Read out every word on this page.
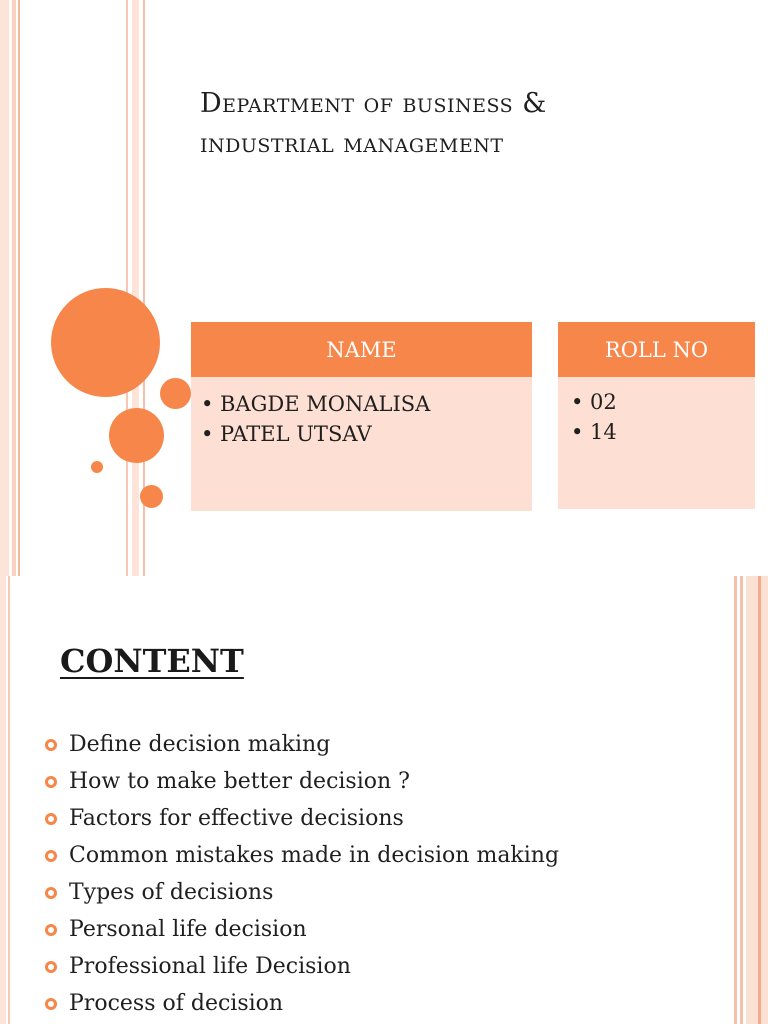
Department of business &
industrial management
NAME
• BAGDE MONALISA
• PATEL UTSAV
ROLL NO
• 02
• 14
CONTENT
Define decision making
How to make better decision ?
Factors for effective decisions
Common mistakes made in decision making
Types of decisions
Personal life decision
Professional life Decision
Process of decision
